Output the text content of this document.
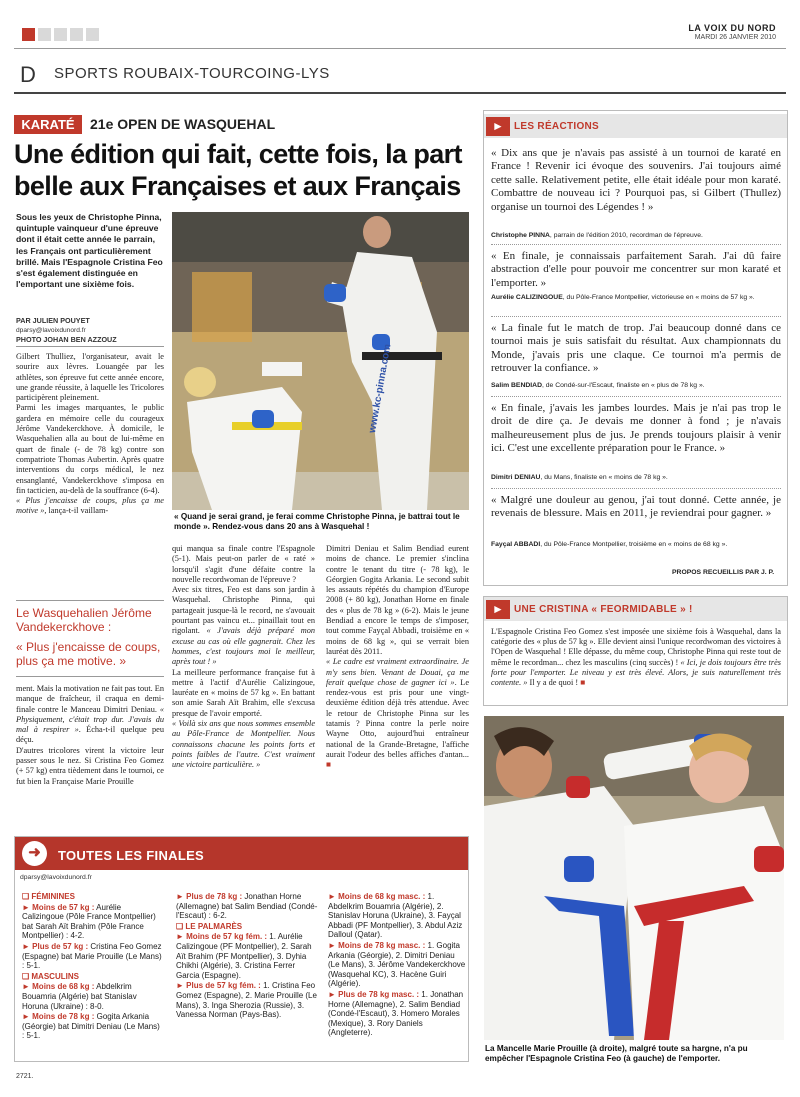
LA VOIX DU NORD
MARDI 26 JANVIER 2010
D SPORTS ROUBAIX-TOURCOING-LYS
KARATÉ	21e OPEN DE WASQUEHAL
Une édition qui fait, cette fois, la part belle aux Françaises et aux Français
Sous les yeux de Christophe Pinna, quintuple vainqueur d'une épreuve dont il était cette année le parrain, les Français ont particulièrement brillé. Mais l'Espagnole Cristina Feo s'est également distinguée en l'emportant une sixième fois.
PAR JULIEN POUYET
dparsy@lavoixdunord.fr
PHOTO JOHAN BEN AZZOUZ
www.kc-pinna.com
« Quand je serai grand, je ferai comme Christophe Pinna, je battrai tout le monde ». Rendez-vous dans 20 ans à Wasquehal !

Gilbert Thulliez, l'organisateur, avait le sourire aux lèvres. Louangée par les athlètes, son épreuve fut cette année encore, une grande réussite, à laquelle les Tricolores participèrent pleinement.

Parmi les images marquantes, le public gardera en mémoire celle du courageux Jérôme Vandekerckhove. À domicile, le Wasquehalien alla au bout de lui-même en quart de finale (- de 78 kg) contre son compatriote Thomas Aubertin. Après quatre interventions du corps médical, le nez ensanglanté, Vandekerckhove s'imposa en fin tacticien, au-delà de la souffrance (6-4).

« Plus j'encaisse de coups, plus ça me motive », lança-t-il vaillam-

Le Wasquehalien Jérôme Vandekerckhove :
« Plus j'encaisse de coups, plus ça me motive. »

ment. Mais la motivation ne fait pas tout. En manque de fraîcheur, il craqua en demi-finale contre le Manceau Dimitri Deniau. « Physiquement, c'était trop dur. J'avais du mal à respirer ». Écha-t-il quelque peu déçu.

D'autres tricolores virent la victoire leur passer sous le nez. Si Cristina Feo Gomez (+ 57 kg) entra tièdement dans le tournoi, ce fut bien la Française Marie Prouille

qui manqua sa finale contre l'Espagnole (5-1). Mais peut-on parler de « raté » lorsqu'il s'agit d'une défaite contre la nouvelle recordwoman de l'épreuve ?

Avec six titres, Feo est dans son jardin à Wasquehal. Christophe Pinna, qui partageait jusque-là le record, ne s'avouait pourtant pas vaincu et... pinaillait tout en rigolant. « J'avais déjà préparé mon excuse au cas où elle gagnerait. Chez les hommes, c'est toujours moi le meilleur, après tout ! »

La meilleure performance française fut à mettre à l'actif d'Aurélie Calizingoue, lauréate en « moins de 57 kg ». En battant son amie Sarah Aït Brahim, elle s'excusa presque de l'avoir emporté.

« Voilà six ans que nous sommes ensemble au Pôle-France de Montpellier. Nous connaissons chacune les points forts et points faibles de l'autre. C'est vraiment une victoire particulière. »

Dimitri Deniau et Salim Bendiad eurent moins de chance. Le premier s'inclina contre le tenant du titre (- 78 kg), le Géorgien Gogita Arkania. Le second subit les assauts répétés du champion d'Europe 2008 (+ 80 kg), Jonathan Horne en finale des « plus de 78 kg » (6-2). Mais le jeune Bendiad a encore le temps de s'imposer, tout comme Fayçal Abbadi, troisième en « moins de 68 kg », qui se verrait bien lauréat dès 2011.

« Le cadre est vraiment extraordinaire. Je m'y sens bien. Venant de Douai, ça me ferait quelque chose de gagner ici ». Le rendez-vous est pris pour une vingt-deuxième édition déjà très attendue. Avec le retour de Christophe Pinna sur les tatamis ? Pinna contre la perle noire Wayne Otto, aujourd'hui entraîneur national de la Grande-Bretagne, l'affiche aurait l'odeur des belles affiches d'antan... ■

➜	TOUTES LES FINALES
dparsy@lavoixdunord.fr
❑ FÉMININES
► Moins de 57 kg : Aurélie Calizingoue (Pôle France Montpellier) bat Sarah Aït Brahim (Pôle France Montpellier) : 4-2.
► Plus de 57 kg : Cristina Feo Gomez (Espagne) bat Marie Prouille (Le Mans) : 5-1.
❑ MASCULINS
► Moins de 68 kg : Abdelkrim Bouamria (Algérie) bat Stanislav Horuna (Ukraine) : 8-0.
► Moins de 78 kg : Gogita Arkania (Géorgie) bat Dimitri Deniau (Le Mans) : 5-1.
► Plus de 78 kg : Jonathan Horne (Allemagne) bat Salim Bendiad (Condé-l'Escaut) : 6-2.
❑ LE PALMARÈS
► Moins de 57 kg fém. : 1. Aurélie Calizingoue (PF Montpellier), 2. Sarah Aït Brahim (PF Montpellier), 3. Dyhia Chikhi (Algérie), 3. Cristina Ferrer Garcia (Espagne).
► Plus de 57 kg fém. : 1. Cristina Feo Gomez (Espagne), 2. Marie Prouille (Le Mans), 3. Inga Sherozia (Russie), 3. Vanessa Norman (Pays-Bas).
► Moins de 68 kg masc. : 1. Abdelkrim Bouamria (Algérie), 2. Stanislav Horuna (Ukraine), 3. Fayçal Abbadi (PF Montpellier), 3. Abdul Aziz Dalloul (Qatar).
► Moins de 78 kg masc. : 1. Gogita Arkania (Géorgie), 2. Dimitri Deniau (Le Mans), 3. Jérôme Vandekerckhove (Wasquehal KC), 3. Hacène Guiri (Algérie).
► Plus de 78 kg masc. : 1. Jonathan Horne (Allemagne), 2. Salim Bendiad (Condé-l'Escaut), 3. Homero Morales (Mexique), 3. Rory Daniels (Angleterre).
2721.
►	LES RÉACTIONS
« Dix ans que je n'avais pas assisté à un tournoi de karaté en France ! Revenir ici évoque des souvenirs. J'ai toujours aimé cette salle. Relativement petite, elle était idéale pour mon karaté. Combattre de nouveau ici ? Pourquoi pas, si Gilbert (Thullez) organise un tournoi des Légendes ! »
Christophe PINNA, parrain de l'édition 2010, recordman de l'épreuve.
« En finale, je connaissais parfaitement Sarah. J'ai dû faire abstraction d'elle pour pouvoir me concentrer sur mon karaté et l'emporter. »
Aurélie CALIZINGOUE, du Pôle-France Montpellier, victorieuse en « moins de 57 kg ».
« La finale fut le match de trop. J'ai beaucoup donné dans ce tournoi mais je suis satisfait du résultat. Aux championnats du Monde, j'avais pris une claque. Ce tournoi m'a permis de retrouver la confiance. »
Salim BENDIAD, de Condé-sur-l'Escaut, finaliste en « plus de 78 kg ».
« En finale, j'avais les jambes lourdes. Mais je n'ai pas trop le droit de dire ça. Je devais me donner à fond ; je n'avais malheureusement plus de jus. Je prends toujours plaisir à venir ici. C'est une excellente préparation pour le France. »
Dimitri DENIAU, du Mans, finaliste en « moins de 78 kg ».
« Malgré une douleur au genou, j'ai tout donné. Cette année, je revenais de blessure. Mais en 2011, je reviendrai pour gagner. »
Fayçal ABBADI, du Pôle-France Montpellier, troisième en « moins de 68 kg ».
PROPOS RECUEILLIS PAR J. P.
►	UNE CRISTINA « FEORMIDABLE » !
L'Espagnole Cristina Feo Gomez s'est imposée une sixième fois à Wasquehal, dans la catégorie des « plus de 57 kg ». Elle devient ainsi l'unique recordwoman des victoires à l'Open de Wasquehal ! Elle dépasse, du même coup, Christophe Pinna qui reste tout de même le recordman... chez les masculins (cinq succès) ! « Ici, je dois toujours être très forte pour l'emporter. Le niveau y est très élevé. Alors, je suis naturellement très contente. » Il y a de quoi ! ■
La Mancelle Marie Prouille (à droite), malgré toute sa hargne, n'a pu empêcher l'Espagnole Cristina Feo (à gauche) de l'emporter.
